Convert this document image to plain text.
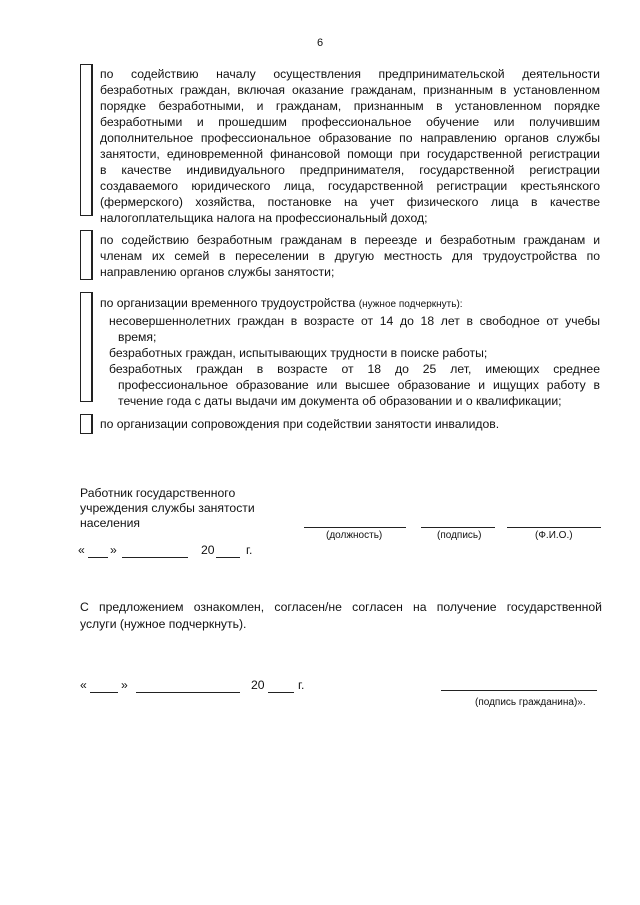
6
по содействию началу осуществления предпринимательской деятельности
безработных граждан, включая оказание гражданам, признанным в установленном
порядке безработными, и гражданам, признанным в установленном порядке
безработными и прошедшим профессиональное обучение или получившим
дополнительное профессиональное образование по направлению органов службы
занятости, единовременной финансовой помощи при государственной регистрации
в качестве индивидуального предпринимателя, государственной регистрации
создаваемого юридического лица, государственной регистрации крестьянского
(фермерского) хозяйства, постановке на учет физического лица в качестве
налогоплательщика налога на профессиональный доход;
по содействию безработным гражданам в переезде и безработным гражданам и
членам их семей в переселении в другую местность для трудоустройства по
направлению органов службы занятости;
по организации временного трудоустройства (нужное подчеркнуть):
несовершеннолетних граждан в возрасте от 14 до 18 лет в свободное от учебы
время;
безработных граждан, испытывающих трудности в поиске работы;
безработных граждан в возрасте от 18 до 25 лет, имеющих среднее
профессиональное образование или высшее образование и ищущих работу в
течение года с даты выдачи им документа об образовании и о квалификации;
по организации сопровождения при содействии занятости инвалидов.
Работник государственного
учреждения службы занятости
населения
(должность)	(подпись)	(Ф.И.О.)
« »	20	г.
С предложением ознакомлен, согласен/не согласен на получение государственной
услуги (нужное подчеркнуть).
«	»	20	г.
(подпись гражданина)».
